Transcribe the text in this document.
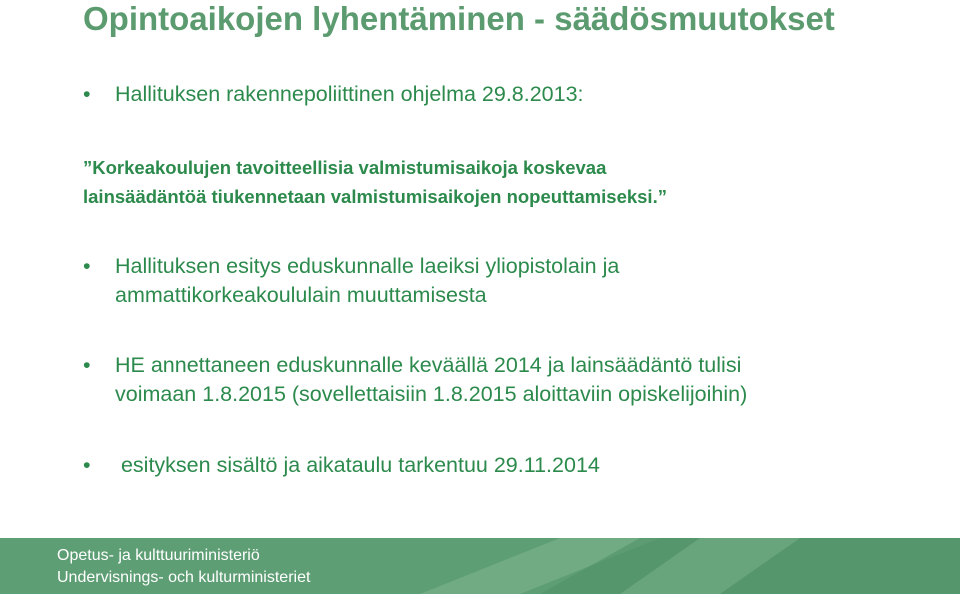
Opintoaikojen lyhentäminen - säädösmuutokset
• Hallituksen rakennepoliittinen ohjelma 29.8.2013:
”Korkeakoulujen tavoitteellisia valmistumisaikoja koskevaa
lainsäädäntöä tiukennetaan valmistumisaikojen nopeuttamiseksi.”
• Hallituksen esitys eduskunnalle laeiksi yliopistolain ja
ammattikorkeakoululain muuttamisesta
• HE annettaneen eduskunnalle keväällä 2014 ja lainsäädäntö tulisi
voimaan 1.8.2015 (sovellettaisiin 1.8.2015 aloittaviin opiskelijoihin)
• esityksen sisältö ja aikataulu tarkentuu 29.11.2014
Opetus- ja kulttuuriministeriö
Undervisnings- och kulturministeriet
